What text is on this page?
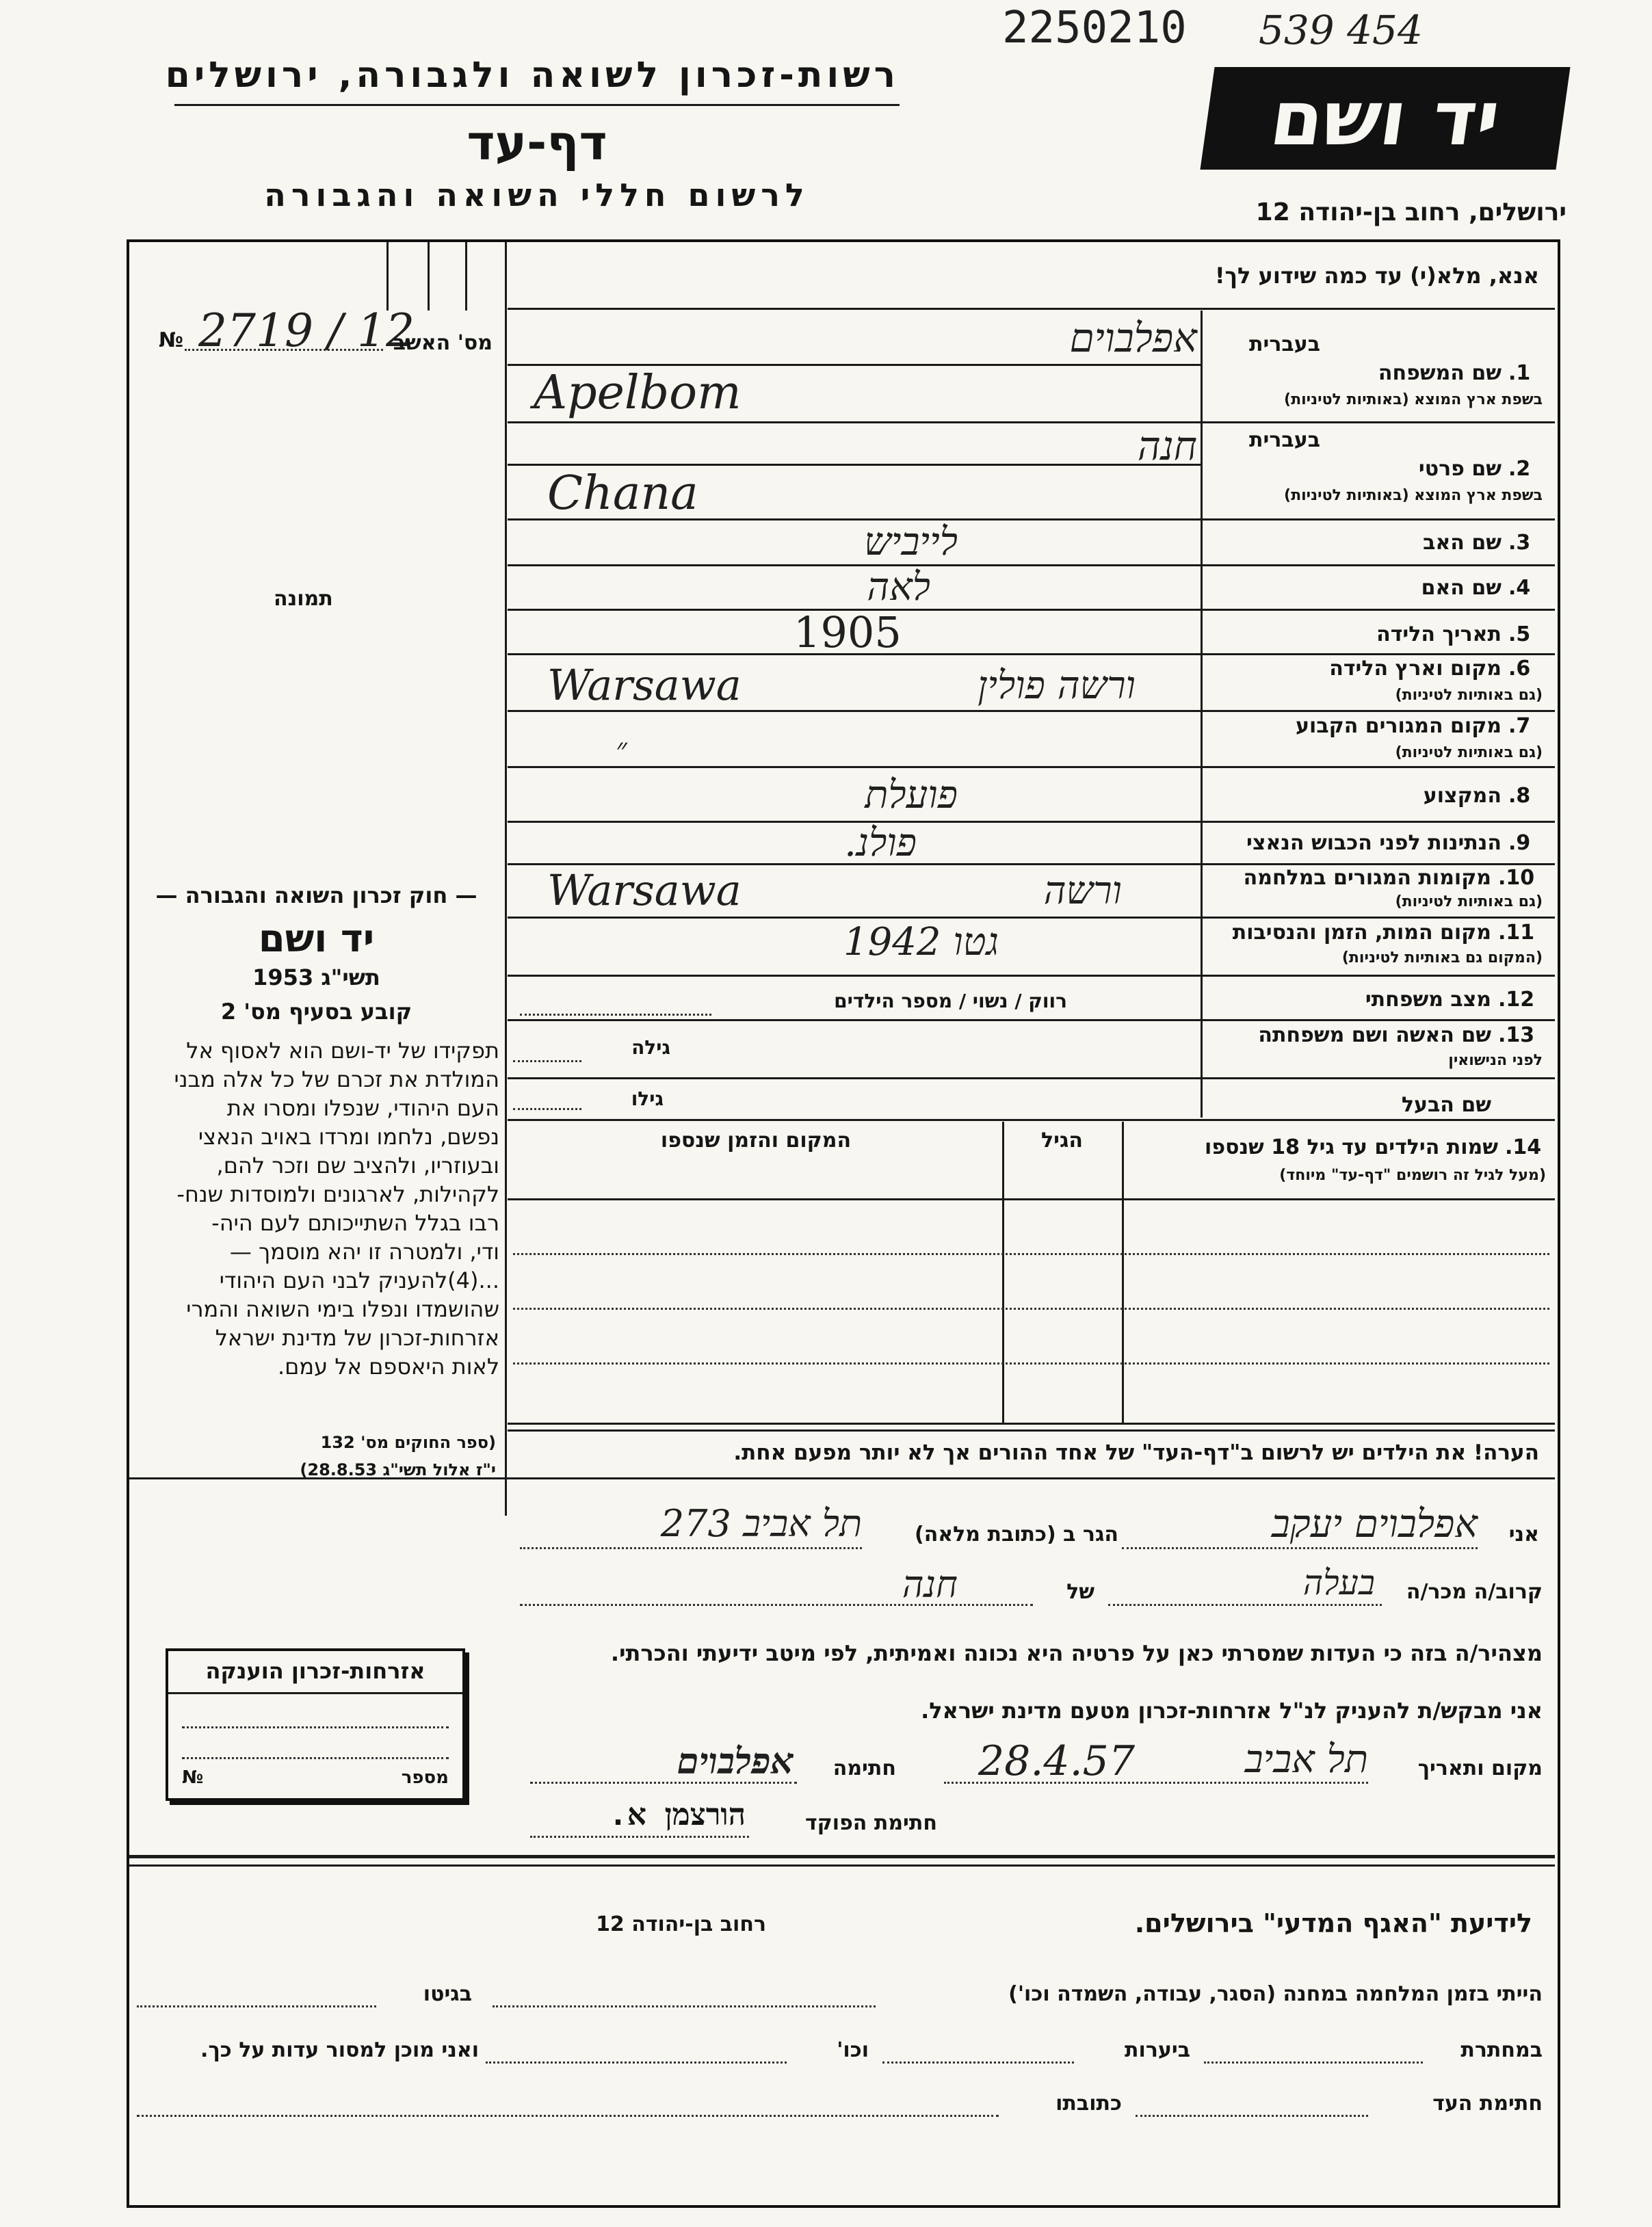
2250210 539 454
רשות-זכרון לשואה ולגבורה, ירושלים
דף-עד
לרשום חללי השואה והגבורה
יד ושם
ירושלים, רחוב בן-יהודה 12
אנא, מלא(י) עד כמה שידוע לך!
№ 2719 / 12
מס' האשב
תמונה
בעברית
1.
שם המשפחה
בשפת ארץ המוצא (באותיות לטיניות)
אפלבוים
Apelbom
בעברית
2.
שם פרטי
בשפת ארץ המוצא (באותיות לטיניות)
חנה
Chana
3.
שם האב
לייביש
4.
שם האם
לאה
5.
תאריך הלידה
1905
6.
מקום וארץ הלידה
(גם באותיות לטיניות)
ורשה פולין
Warsawa
7.
מקום המגורים הקבוע
(גם באותיות לטיניות)
״
8.
המקצוע
פועלת
9.
הנתינות לפני הכבוש הנאצי
פולנ.
10.
מקומות המגורים במלחמה
(גם באותיות לטיניות)
ורשה
Warsawa
11.
מקום המות, הזמן והנסיבות
(המקום גם באותיות לטיניות)
גטו 1942
12.
מצב משפחתי
רווק / נשוי / מספר הילדים
13.
שם האשה ושם משפחתה
לפני הנישואין
גילה
שם הבעל
גילו
14.
שמות הילדים עד גיל 18 שנספו
(מעל לגיל זה רושמים "דף-עד" מיוחד)
הגיל
המקום והזמן שנספו
— חוק זכרון השואה והגבורה —
יד ושם
תשי"ג 1953
קובע בסעיף מס' 2
תפקידו של יד-ושם הוא לאסוף אל
המולדת את זכרם של כל אלה מבני
העם היהודי, שנפלו ומסרו את
נפשם, נלחמו ומרדו באויב הנאצי
ובעוזריו, ולהציב שם וזכר להם,
לקהילות, לארגונים ולמוסדות שנח-
רבו בגלל השתייכותם לעם היה-
ודי, ולמטרה זו יהא מוסמך —
...(4)להעניק לבני העם היהודי
שהושמדו ונפלו בימי השואה והמרי
אזרחות-זכרון של מדינת ישראל
לאות היאספם אל עמם.
(ספר החוקים מס' 132
י"ז אלול תשי"ג 28.8.53)
הערה! את הילדים יש לרשום ב"דף-העד" של אחד ההורים אך לא יותר מפעם אחת.
אני
אפלבוים יעקב
הגר ב (כתובת מלאה)
תל אביב 273
קרוב/ה מכר/ה
בעלה
של
חנה
מצהיר/ה בזה כי העדות שמסרתי כאן על פרטיה היא נכונה ואמיתית, לפי מיטב ידיעתי והכרתי.
אני מבקש/ת להעניק לנ"ל אזרחות-זכרון מטעם מדינת ישראל.
מקום ותאריך
תל אביב
28.4.57
חתימה
אפלבוים
חתימת הפוקד
הורצמן א.
אזרחות-זכרון הוענקה
№	מספר
לידיעת "האגף המדעי" בירושלים.
רחוב בן-יהודה 12
הייתי בזמן המלחמה במחנה (הסגר, עבודה, השמדה וכו')
בגיטו
במחתרת
ביערות
וכו'
ואני מוכן למסור עדות על כך.
חתימת העד
כתובתו
